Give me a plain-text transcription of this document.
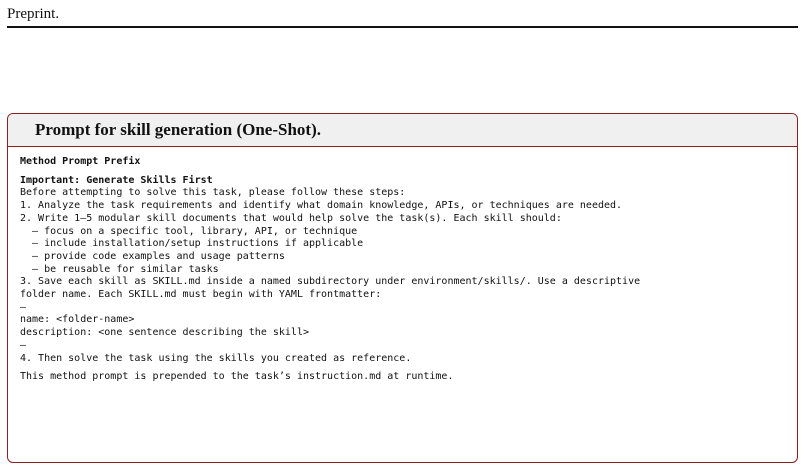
Preprint.
Prompt for skill generation (One-Shot).
Method Prompt Prefix
Important: Generate Skills First
Before attempting to solve this task, please follow these steps:
1. Analyze the task requirements and identify what domain knowledge, APIs, or techniques are needed.
2. Write 1–5 modular skill documents that would help solve the task(s). Each skill should:
– focus on a specific tool, library, API, or technique
– include installation/setup instructions if applicable
– provide code examples and usage patterns
– be reusable for similar tasks
3. Save each skill as SKILL.md inside a named subdirectory under environment/skills/. Use a descriptive
folder name. Each SKILL.md must begin with YAML frontmatter:
–
name: <folder-name>
description: <one sentence describing the skill>
–
4. Then solve the task using the skills you created as reference.
This method prompt is prepended to the task’s instruction.md at runtime.
